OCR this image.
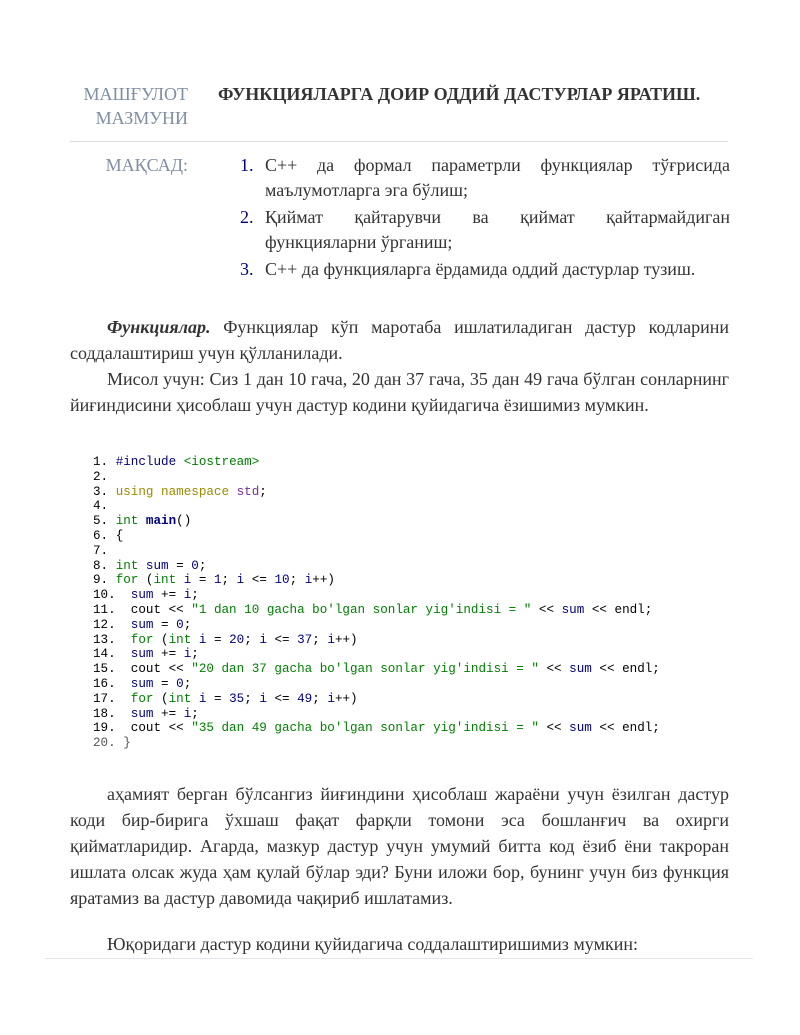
МАШҒУЛОТ
МАЗМУНИ
ФУНКЦИЯЛАРГА ДОИР ОДДИЙ ДАСТУРЛАР ЯРАТИШ.
МАҚСАД:	1. C++ да формал параметрли функциялар тўғрисида
маълумотларга эга бўлиш;
2. Қиймат қайтарувчи ва қиймат қайтармайдиган
функцияларни ўрганиш;
3. C++ да функцияларга ёрдамида оддий дастурлар тузиш.

Функциялар. Функциялар кўп маротаба ишлатиладиган дастур кодларини соддалаштириш учун қўлланилади.

Мисол учун: Сиз 1 дан 10 гача, 20 дан 37 гача, 35 дан 49 гача бўлган сонларнинг йиғиндисини ҳисоблаш учун дастур кодини қуйидагича ёзишимиз мумкин.

1. #include <iostream>
2.
3. using namespace std;
4.
5. int main()
6. {
7.
8. int sum = 0;
9. for (int i = 1; i <= 10; i++)
10.  sum += i;
11.  cout << "1 dan 10 gacha bo'lgan sonlar yig'indisi = " << sum << endl;
12.  sum = 0;
13.  for (int i = 20; i <= 37; i++)
14.  sum += i;
15.  cout << "20 dan 37 gacha bo'lgan sonlar yig'indisi = " << sum << endl;
16.  sum = 0;
17.  for (int i = 35; i <= 49; i++)
18.  sum += i;
19.  cout << "35 dan 49 gacha bo'lgan sonlar yig'indisi = " << sum << endl;
20. }

аҳамият берган бўлсангиз йиғиндини ҳисоблаш жараёни учун ёзилган дастур коди бир-бирига ўхшаш фақат фарқли томони эса бошланғич ва охирги қийматларидир. Агарда, мазкур дастур учун умумий битта код ёзиб ёни такроран ишлата олсак жуда ҳам қулай бўлар эди? Буни иложи бор, бунинг учун биз функция яратамиз ва дастур давомида чақириб ишлатамиз.

Юқоридаги дастур кодини қуйидагича соддалаштиришимиз мумкин:
